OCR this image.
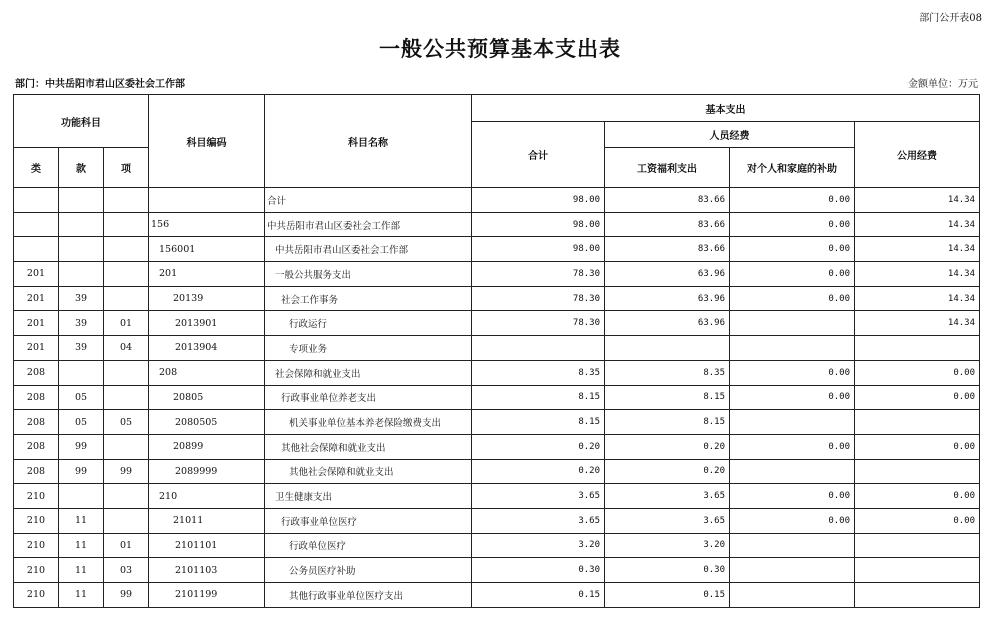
部门公开表08
一般公共预算基本支出表
部门：中共岳阳市君山区委社会工作部	金额单位：万元
功能科目			科目编码	科目名称	基本支出			
					合计	人员经费		公用经费
类	款	项				工资福利支出	对个人和家庭的补助	
				合计	98.00	83.66	0.00	14.34
			156	中共岳阳市君山区委社会工作部	98.00	83.66	0.00	14.34
			156001	中共岳阳市君山区委社会工作部	98.00	83.66	0.00	14.34
201			201	一般公共服务支出	78.30	63.96	0.00	14.34
201	39		20139	社会工作事务	78.30	63.96	0.00	14.34
201	39	01	2013901	行政运行	78.30	63.96		14.34
201	39	04	2013904	专项业务				
208			208	社会保障和就业支出	8.35	8.35	0.00	0.00
208	05		20805	行政事业单位养老支出	8.15	8.15	0.00	0.00
208	05	05	2080505	机关事业单位基本养老保险缴费支出	8.15	8.15		
208	99		20899	其他社会保障和就业支出	0.20	0.20	0.00	0.00
208	99	99	2089999	其他社会保障和就业支出	0.20	0.20		
210			210	卫生健康支出	3.65	3.65	0.00	0.00
210	11		21011	行政事业单位医疗	3.65	3.65	0.00	0.00
210	11	01	2101101	行政单位医疗	3.20	3.20		
210	11	03	2101103	公务员医疗补助	0.30	0.30		
210	11	99	2101199	其他行政事业单位医疗支出	0.15	0.15		
